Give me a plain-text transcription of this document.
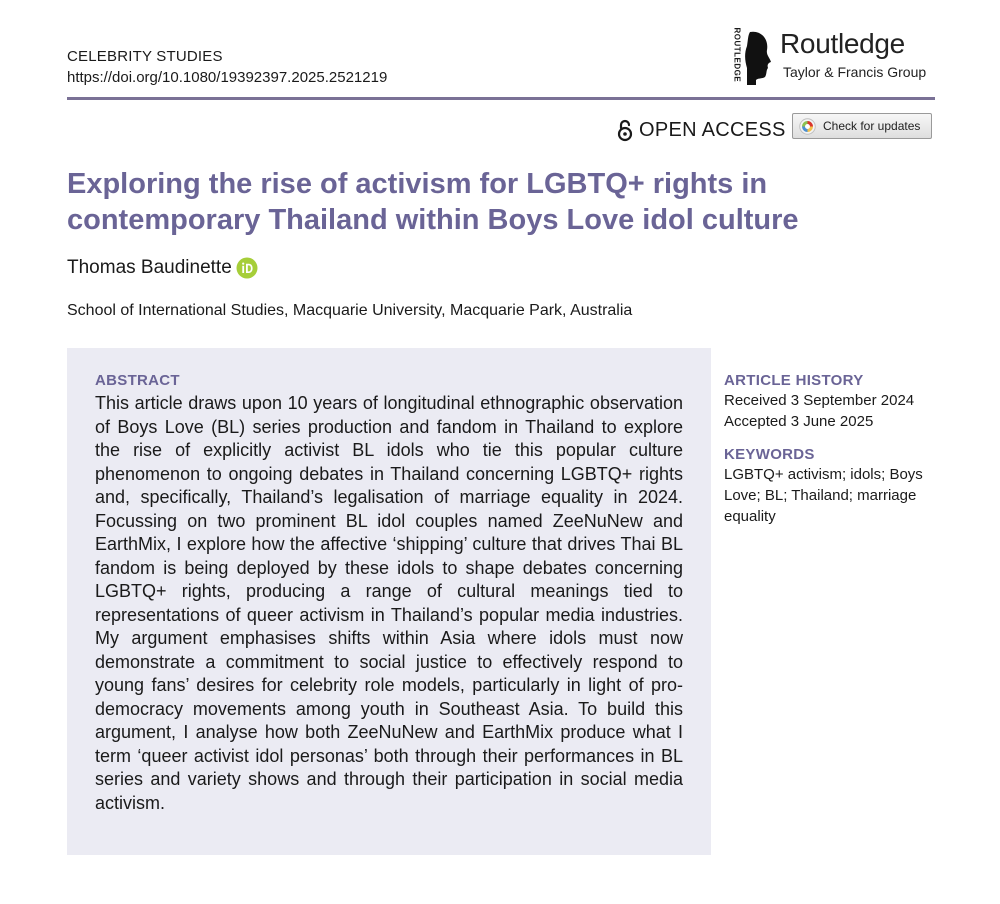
CELEBRITY STUDIES
https://doi.org/10.1080/19392397.2025.2521219	ROUTLEDGE Routledge
Taylor & Francis Group
OPEN ACCESS	Check for updates
Exploring the rise of activism for LGBTQ+ rights in contemporary Thailand within Boys Love idol culture
Thomas Baudinette
School of International Studies, Macquarie University, Macquarie Park, Australia
ABSTRACT

This article draws upon 10 years of longitudinal ethnographic observation of Boys Love (BL) series production and fandom in Thailand to explore the rise of explicitly activist BL idols who tie this popular culture phenomenon to ongoing debates in Thailand concerning LGBTQ+ rights and, specifically, Thailand’s legalisation of marriage equality in 2024. Focussing on two prominent BL idol couples named ZeeNuNew and EarthMix, I explore how the affective ‘shipping’ culture that drives Thai BL fandom is being deployed by these idols to shape debates concerning LGBTQ+ rights, producing a range of cultural meanings tied to representations of queer activism in Thailand’s popular media industries. My argument emphasises shifts within Asia where idols must now demonstrate a commitment to social justice to effectively respond to young fans’ desires for celebrity role models, particularly in light of pro-democracy movements among youth in Southeast Asia. To build this argument, I analyse how both ZeeNuNew and EarthMix produce what I term ‘queer activist idol personas’ both through their performances in BL series and variety shows and through their participation in social media activism.

ARTICLE HISTORY
Received 3 September 2024
Accepted 3 June 2025
KEYWORDS
LGBTQ+ activism; idols; Boys Love; BL; Thailand; marriage equality
